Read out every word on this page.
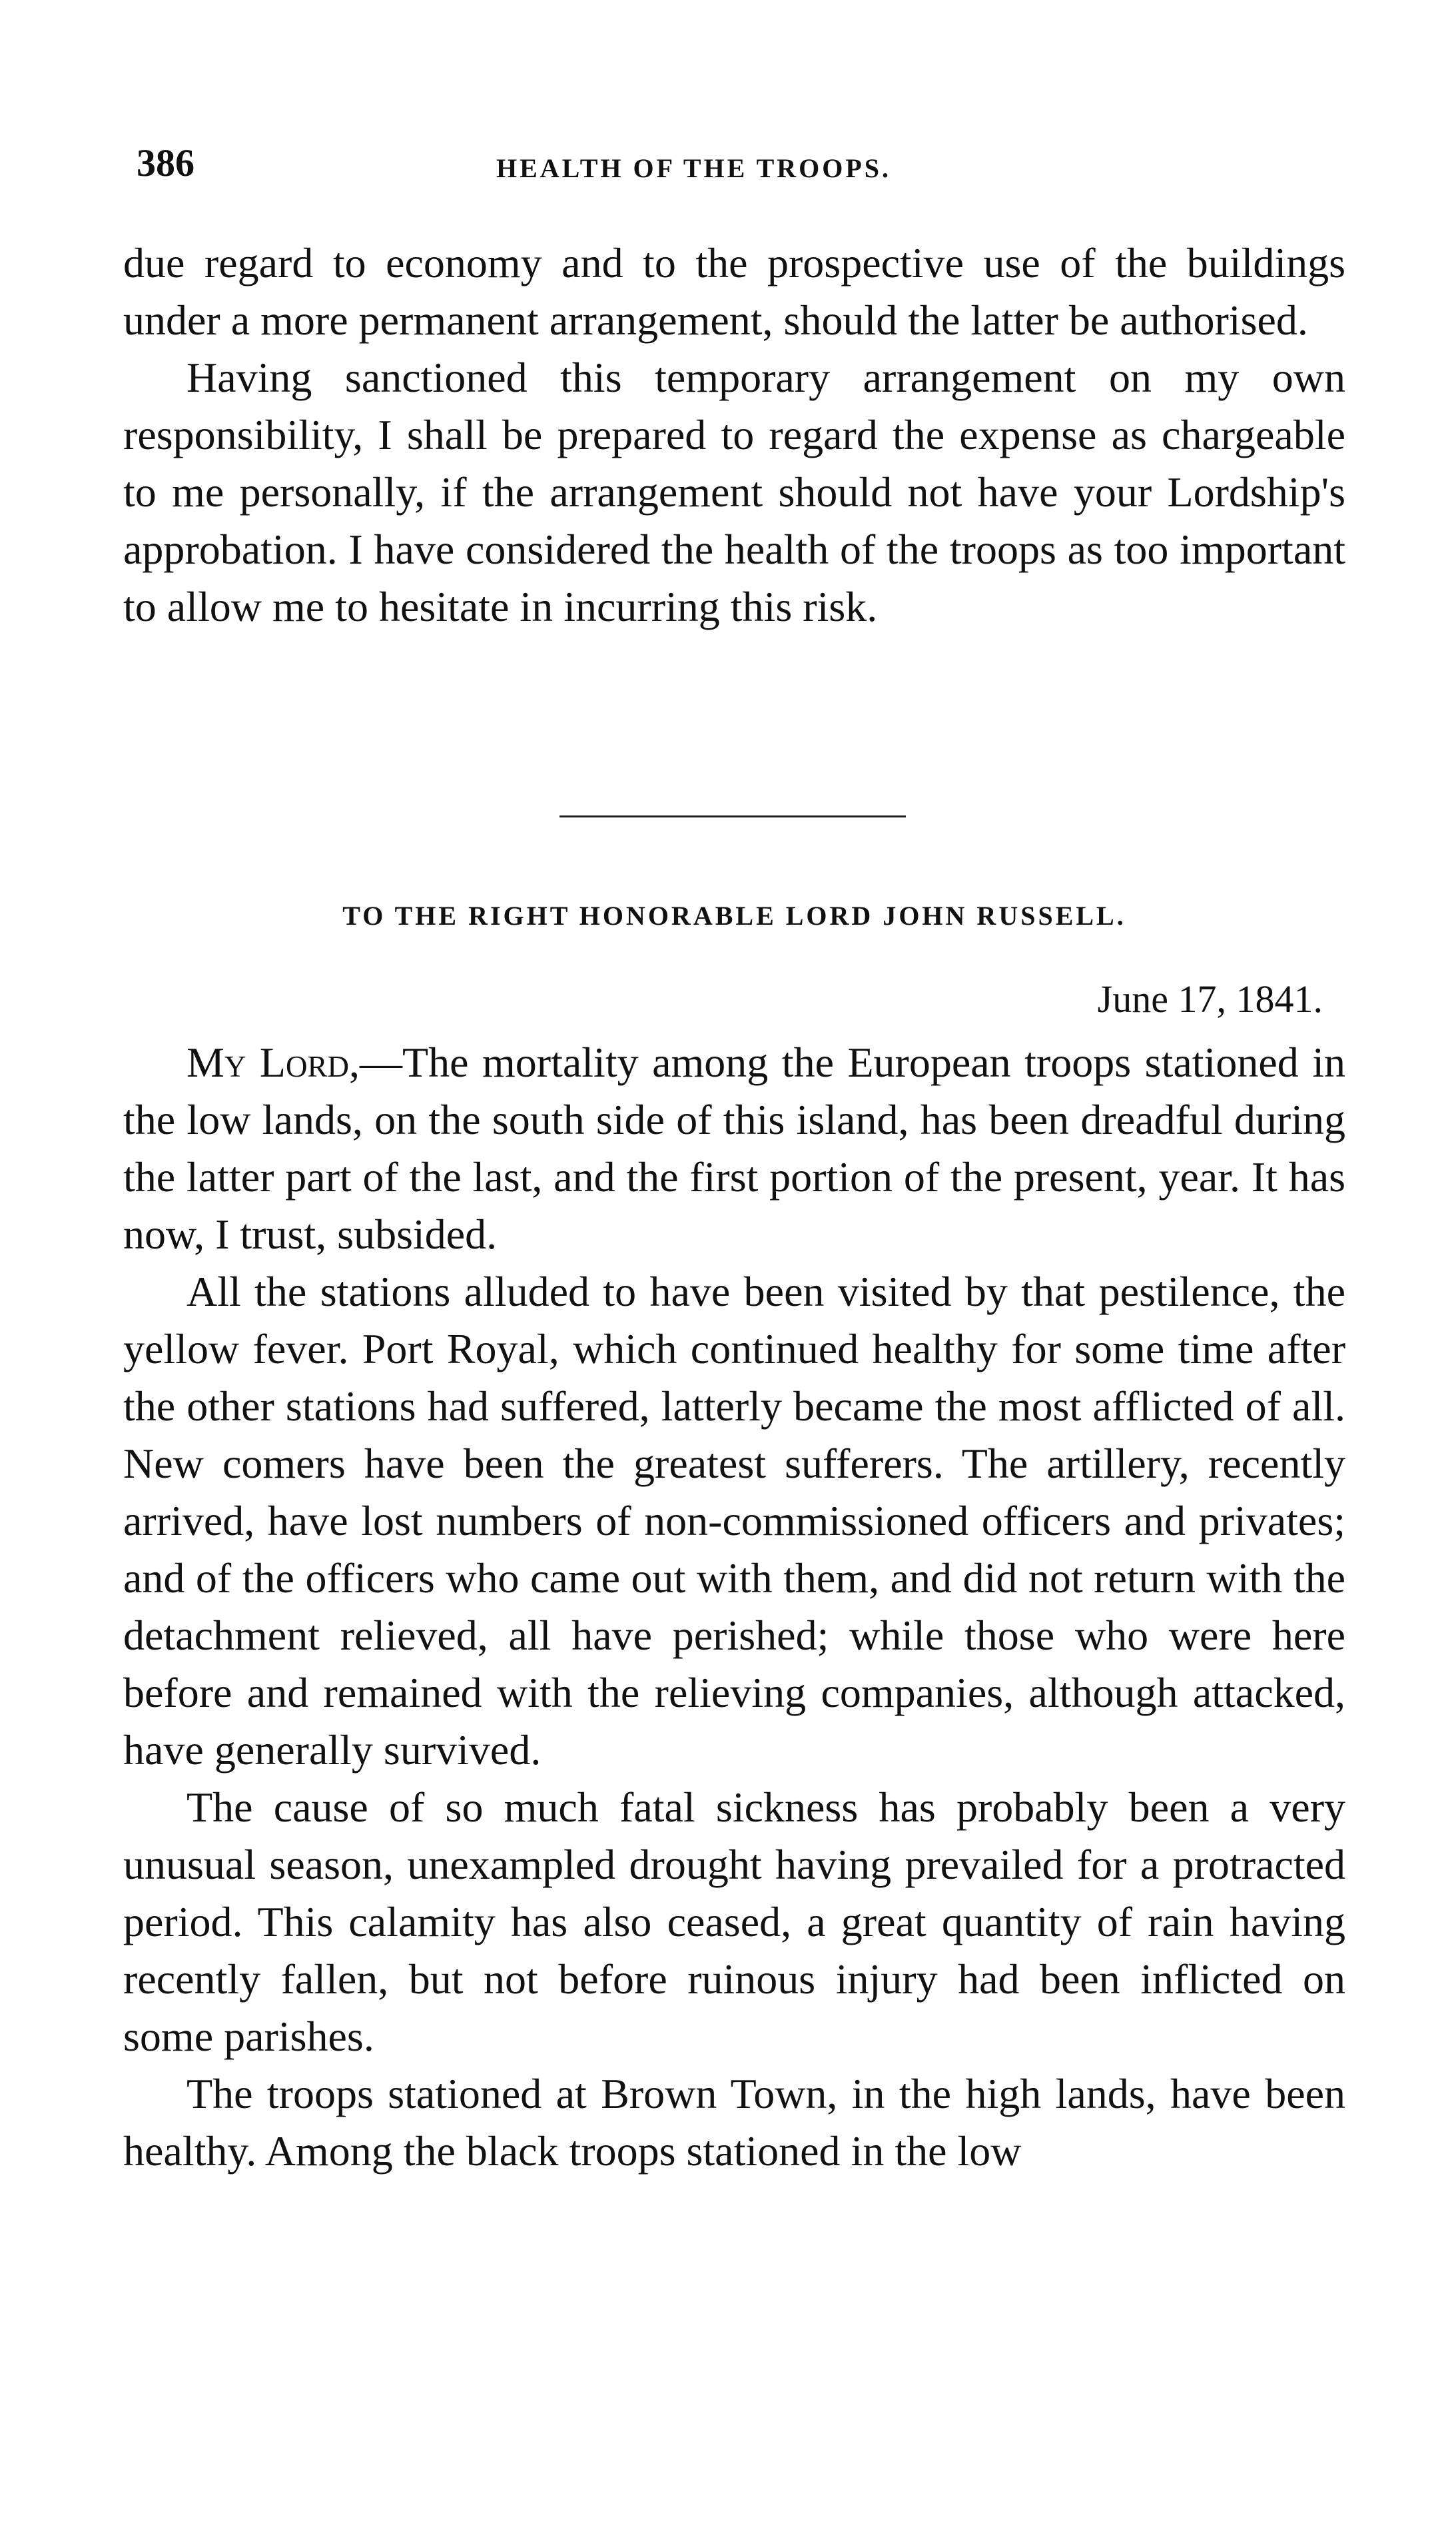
386	HEALTH OF THE TROOPS.

due regard to economy and to the prospective use of the buildings under a more permanent arrangement, should the latter be authorised.

Having sanctioned this temporary arrangement on my own responsibility, I shall be prepared to regard the expense as chargeable to me personally, if the arrangement should not have your Lordship's approbation. I have considered the health of the troops as too important to allow me to hesitate in incurring this risk.

TO THE RIGHT HONORABLE LORD JOHN RUSSELL.
June 17, 1841.

My Lord,—The mortality among the European troops stationed in the low lands, on the south side of this island, has been dreadful during the latter part of the last, and the first portion of the present, year. It has now, I trust, subsided.

All the stations alluded to have been visited by that pestilence, the yellow fever. Port Royal, which continued healthy for some time after the other stations had suffered, latterly became the most afflicted of all. New comers have been the greatest sufferers. The artillery, recently arrived, have lost numbers of non-commissioned officers and privates; and of the officers who came out with them, and did not return with the detachment relieved, all have perished; while those who were here before and remained with the relieving companies, although attacked, have generally survived.

The cause of so much fatal sickness has probably been a very unusual season, unexampled drought having prevailed for a protracted period. This calamity has also ceased, a great quantity of rain having recently fallen, but not before ruinous injury had been inflicted on some parishes.

The troops stationed at Brown Town, in the high lands, have been healthy. Among the black troops stationed in the low
